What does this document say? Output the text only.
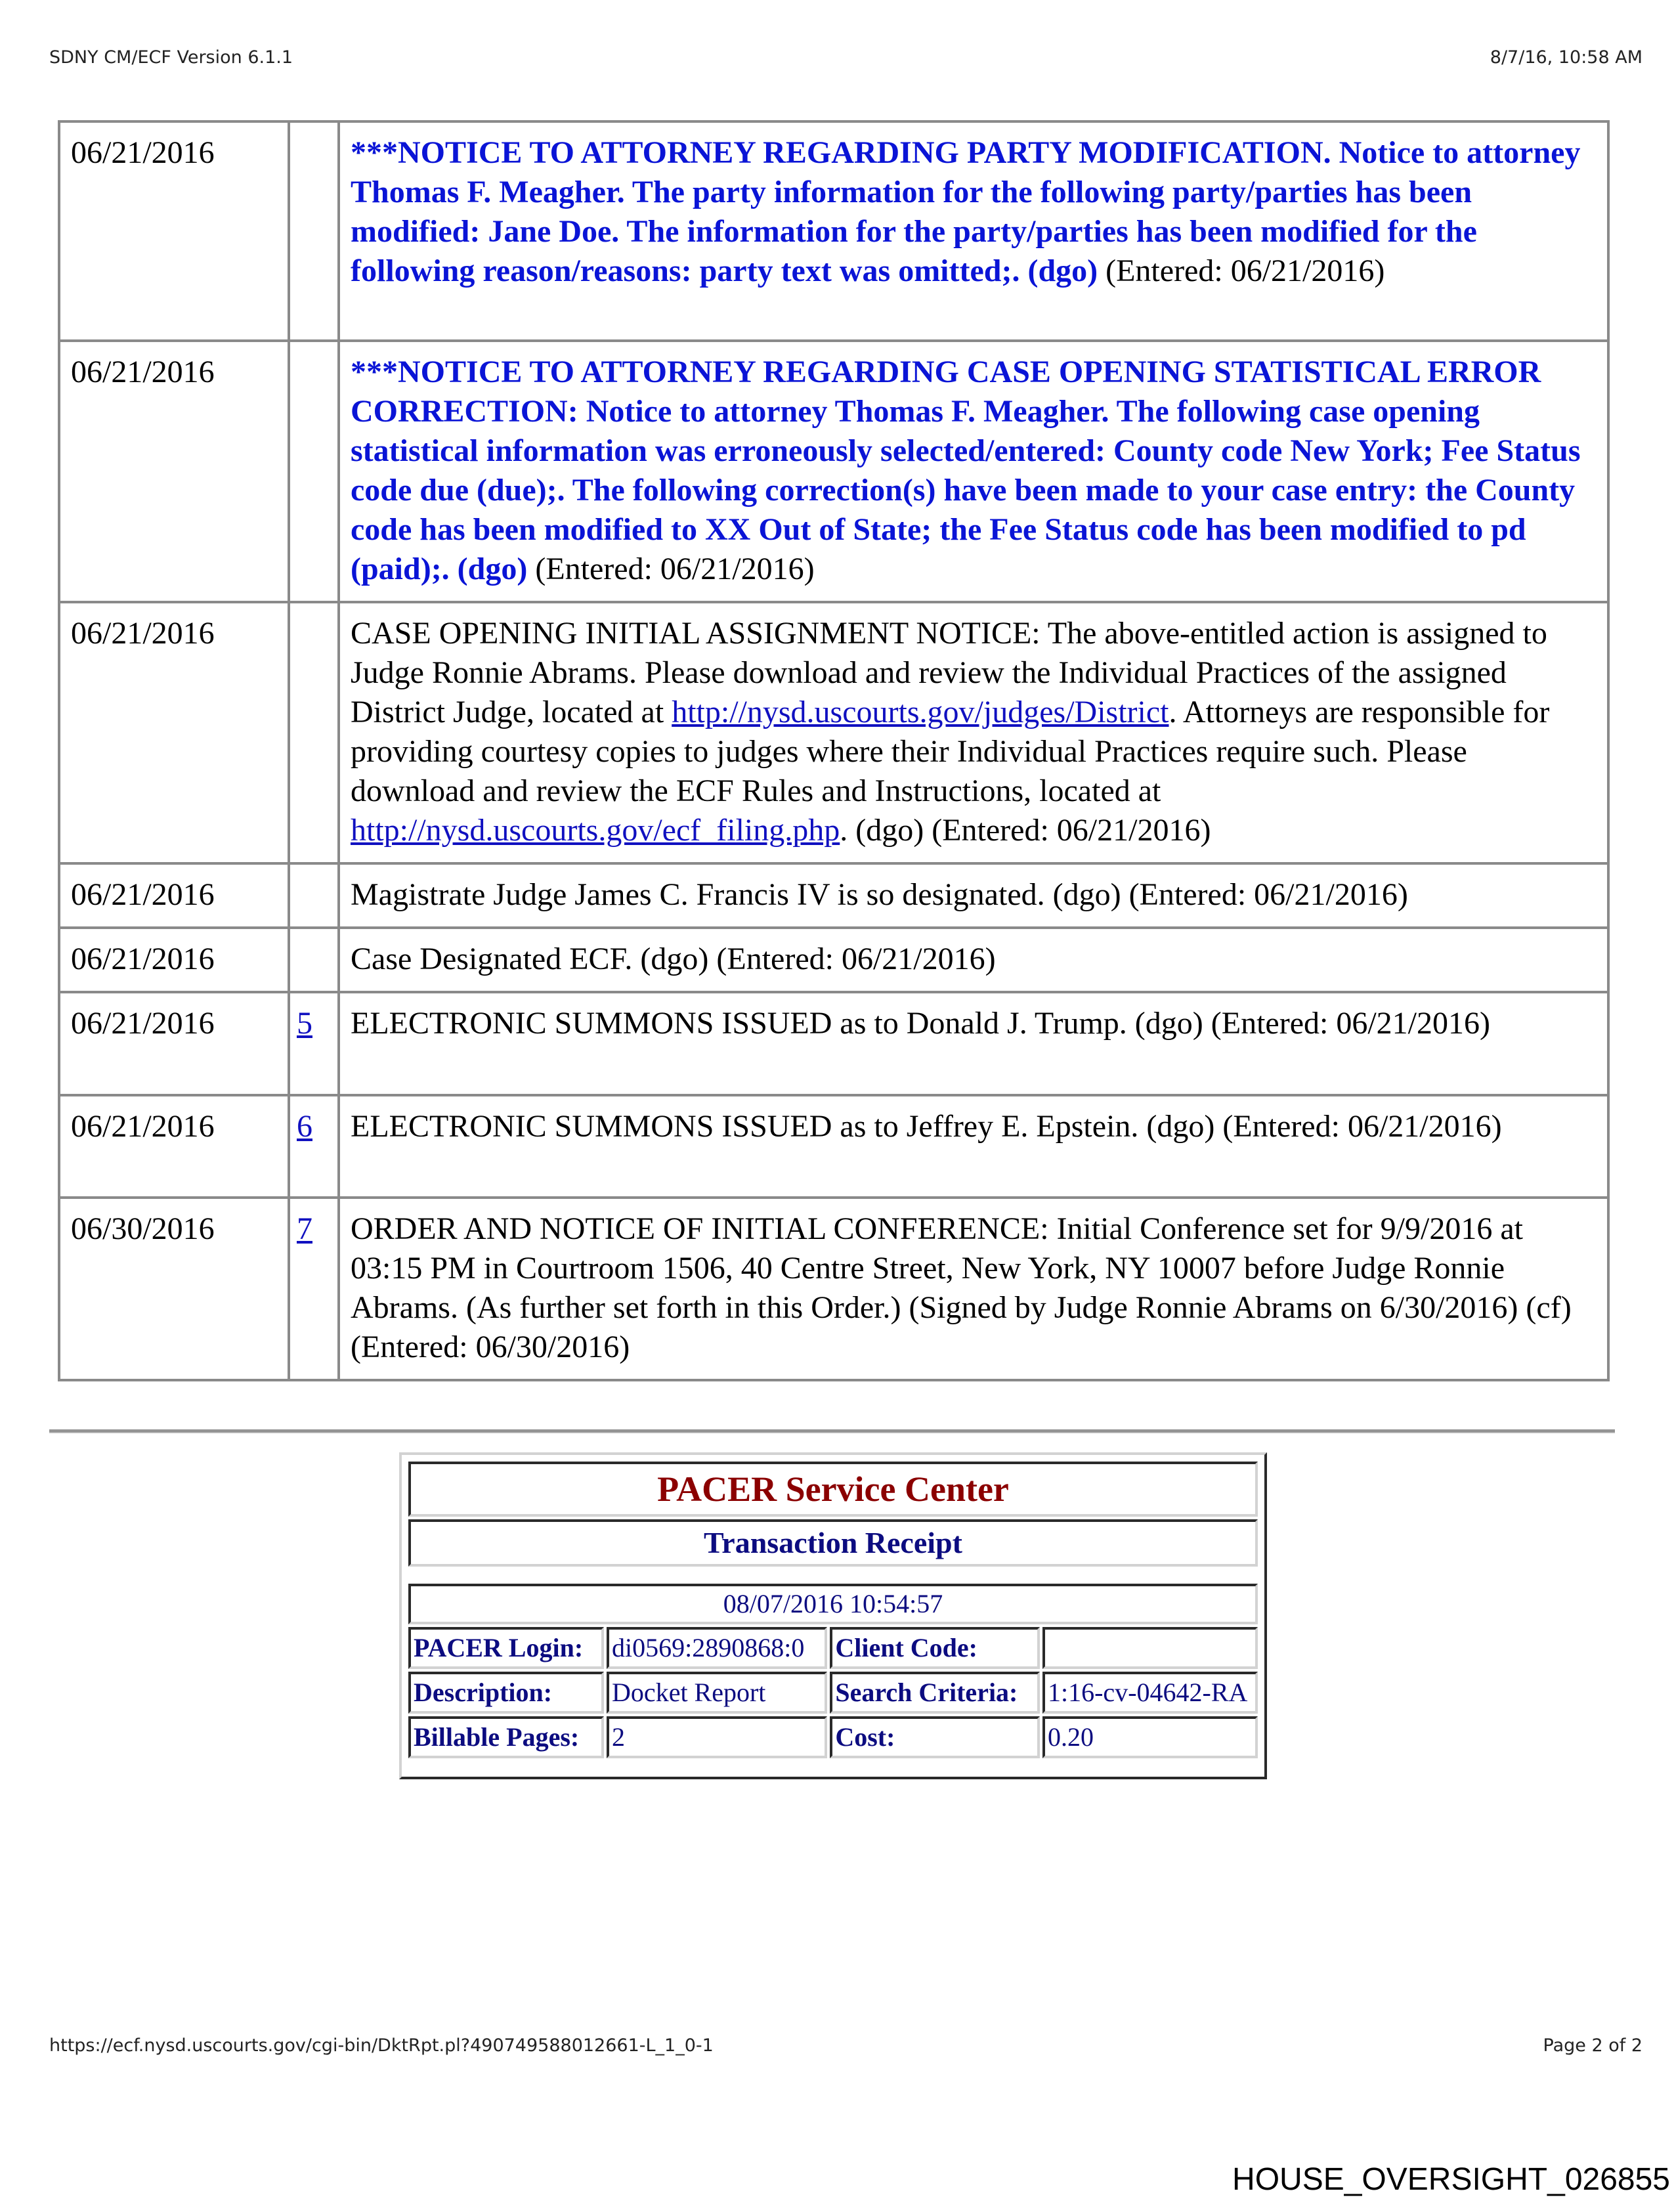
SDNY CM/ECF Version 6.1.1	8/7/16, 10:58 AM
06/21/2016		***NOTICE TO ATTORNEY REGARDING PARTY MODIFICATION. Notice to attorney Thomas F. Meagher. The party information for the following party/parties has been modified: Jane Doe. The information for the party/parties has been modified for the following reason/reasons: party text was omitted;. (dgo) (Entered: 06/21/2016)
06/21/2016		***NOTICE TO ATTORNEY REGARDING CASE OPENING STATISTICAL ERROR CORRECTION: Notice to attorney Thomas F. Meagher. The following case opening statistical information was erroneously selected/entered: County code New York; Fee Status code due (due);. The following correction(s) have been made to your case entry: the County code has been modified to XX Out of State; the Fee Status code has been modified to pd (paid);. (dgo) (Entered: 06/21/2016)
06/21/2016		CASE OPENING INITIAL ASSIGNMENT NOTICE: The above-entitled action is assigned to Judge Ronnie Abrams. Please download and review the Individual Practices of the assigned District Judge, located at http://nysd.uscourts.gov/judges/District. Attorneys are responsible for providing courtesy copies to judges where their Individual Practices require such. Please download and review the ECF Rules and Instructions, located at http://nysd.uscourts.gov/ecf_filing.php. (dgo) (Entered: 06/21/2016)
06/21/2016		Magistrate Judge James C. Francis IV is so designated. (dgo) (Entered: 06/21/2016)
06/21/2016		Case Designated ECF. (dgo) (Entered: 06/21/2016)
06/21/2016	5	ELECTRONIC SUMMONS ISSUED as to Donald J. Trump. (dgo) (Entered: 06/21/2016)
06/21/2016	6	ELECTRONIC SUMMONS ISSUED as to Jeffrey E. Epstein. (dgo) (Entered: 06/21/2016)
06/30/2016	7	ORDER AND NOTICE OF INITIAL CONFERENCE: Initial Conference set for 9/9/2016 at 03:15 PM in Courtroom 1506, 40 Centre Street, New York, NY 10007 before Judge Ronnie Abrams. (As further set forth in this Order.) (Signed by Judge Ronnie Abrams on 6/30/2016) (cf) (Entered: 06/30/2016)
PACER Service Center			
Transaction Receipt			

08/07/2016 10:54:57			
PACER Login:	di0569:2890868:0	Client Code:	
Description:	Docket Report	Search Criteria:	1:16-cv-04642-RA
Billable Pages:	2	Cost:	0.20
https://ecf.nysd.uscourts.gov/cgi-bin/DktRpt.pl?490749588012661-L_1_0-1	Page 2 of 2
HOUSE_OVERSIGHT_026855
